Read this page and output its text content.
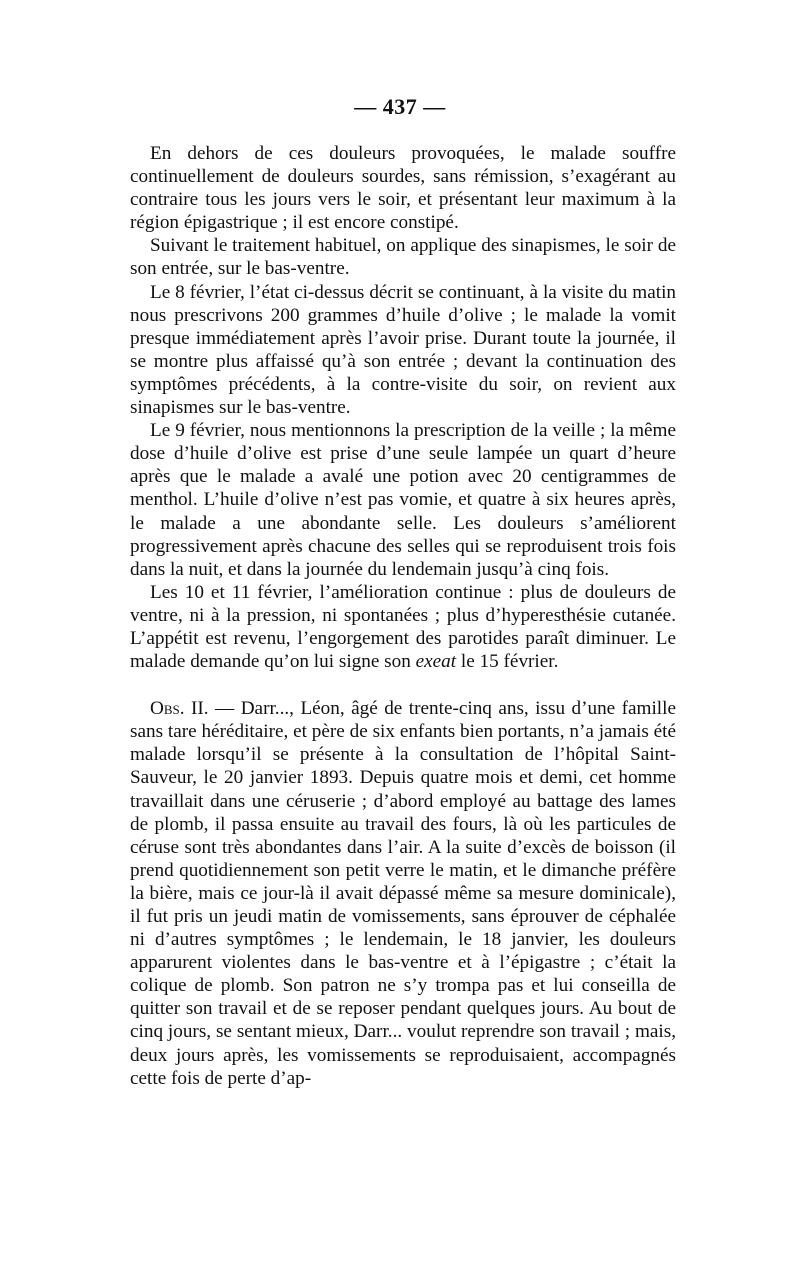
— 437 —

En dehors de ces douleurs provoquées, le malade souffre continuellement de douleurs sourdes, sans rémission, s’exagérant au contraire tous les jours vers le soir, et présentant leur maximum à la région épigastrique ; il est encore constipé.

Suivant le traitement habituel, on applique des sinapismes, le soir de son entrée, sur le bas-ventre.

Le 8 février, l’état ci-dessus décrit se continuant, à la visite du matin nous prescrivons 200 grammes d’huile d’olive ; le malade la vomit presque immédiatement après l’avoir prise. Durant toute la journée, il se montre plus affaissé qu’à son entrée ; devant la continuation des symptômes précédents, à la contre-visite du soir, on revient aux sinapismes sur le bas-ventre.

Le 9 février, nous mentionnons la prescription de la veille ; la même dose d’huile d’olive est prise d’une seule lampée un quart d’heure après que le malade a avalé une potion avec 20 centigrammes de menthol. L’huile d’olive n’est pas vomie, et quatre à six heures après, le malade a une abondante selle. Les douleurs s’améliorent progressivement après chacune des selles qui se reproduisent trois fois dans la nuit, et dans la journée du lendemain jusqu’à cinq fois.

Les 10 et 11 février, l’amélioration continue : plus de douleurs de ventre, ni à la pression, ni spontanées ; plus d’hyperesthésie cutanée. L’appétit est revenu, l’engorgement des parotides paraît diminuer. Le malade demande qu’on lui signe son exeat le 15 février.

Obs. II. — Darr..., Léon, âgé de trente-cinq ans, issu d’une famille sans tare héréditaire, et père de six enfants bien portants, n’a jamais été malade lorsqu’il se présente à la consultation de l’hôpital Saint-Sauveur, le 20 janvier 1893. Depuis quatre mois et demi, cet homme travaillait dans une céruserie ; d’abord employé au battage des lames de plomb, il passa ensuite au travail des fours, là où les particules de céruse sont très abondantes dans l’air. A la suite d’excès de boisson (il prend quotidiennement son petit verre le matin, et le dimanche préfère la bière, mais ce jour-là il avait dépassé même sa mesure dominicale), il fut pris un jeudi matin de vomissements, sans éprouver de céphalée ni d’autres symptômes ; le lendemain, le 18 janvier, les douleurs apparurent violentes dans le bas-ventre et à l’épigastre ; c’était la colique de plomb. Son patron ne s’y trompa pas et lui conseilla de quitter son travail et de se reposer pendant quelques jours. Au bout de cinq jours, se sentant mieux, Darr... voulut reprendre son travail ; mais, deux jours après, les vomissements se reproduisaient, accompagnés cette fois de perte d’ap-
